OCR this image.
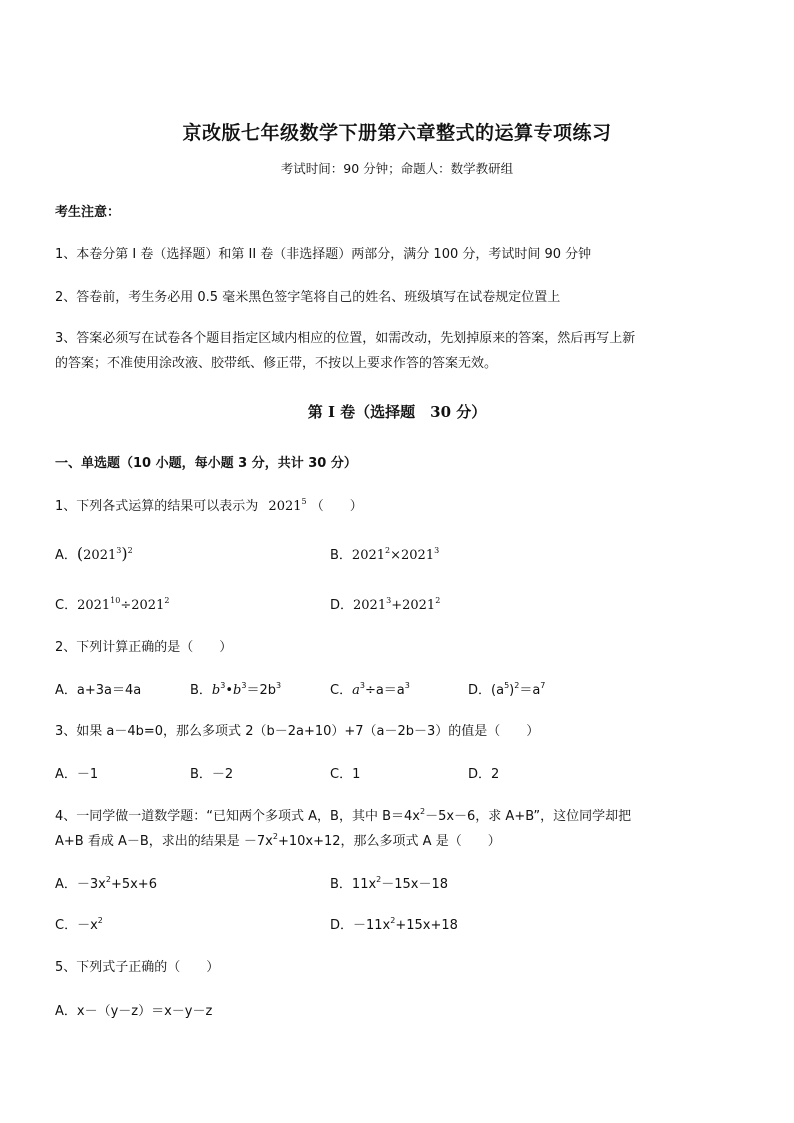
京改版七年级数学下册第六章整式的运算专项练习
考试时间：90 分钟；命题人：数学教研组
考生注意：
1、本卷分第 I 卷（选择题）和第 II 卷（非选择题）两部分，满分 100 分，考试时间 90 分钟
2、答卷前，考生务必用 0.5 毫米黑色签字笔将自己的姓名、班级填写在试卷规定位置上
3、答案必须写在试卷各个题目指定区域内相应的位置，如需改动，先划掉原来的答案，然后再写上新
的答案；不准使用涂改液、胶带纸、修正带，不按以上要求作答的答案无效。
第 I 卷（选择题　30 分）
一、单选题（10 小题，每小题 3 分，共计 30 分）
1、下列各式运算的结果可以表示为 2021$^5$ （　　）
A．$(2021^3)^2$	B．$2021^2\times 2021^3$
C．$2021^{10}\div 2021^2$	D．$2021^3+2021^2$
2、下列计算正确的是（　　）
A．a+3a＝4a	B．$b^3•b^3=2b^3$	C．$a^3\div a=a^3$	D．$(a^5)^2=a^7$
3、如果 a－4b=0，那么多项式 2（b－2a+10）+7（a－2b－3）的值是（　　）
A．－1	B．－2	C．1	D．2
4、一同学做一道数学题：“已知两个多项式 A，B，其中 $B=4x^2-5x-6$，求 A+B”，这位同学却把
A+B 看成 A－B，求出的结果是 $-7x^2+10x+12$，那么多项式 A 是（　　）
A．$-3x^2+5x+6$	B．$11x^2-15x-18$
C．$-x^2$	D．$-11x^2+15x+18$
5、下列式子正确的（　　）
A．x－（y－z）＝x－y－z
